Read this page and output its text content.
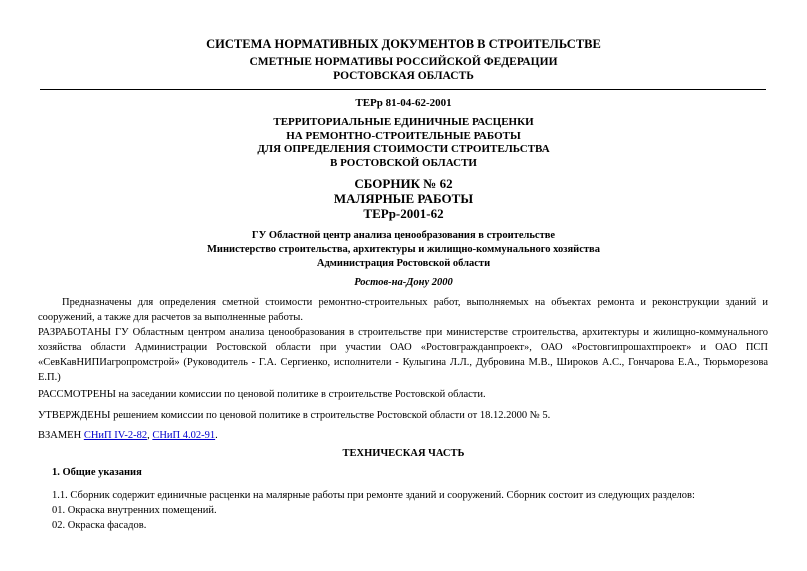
СИСТЕМА НОРМАТИВНЫХ ДОКУМЕНТОВ В СТРОИТЕЛЬСТВЕ
СМЕТНЫЕ НОРМАТИВЫ РОССИЙСКОЙ ФЕДЕРАЦИИ
РОСТОВСКАЯ ОБЛАСТЬ
ТЕРр 81-04-62-2001
ТЕРРИТОРИАЛЬНЫЕ ЕДИНИЧНЫЕ РАСЦЕНКИ
НА РЕМОНТНО-СТРОИТЕЛЬНЫЕ РАБОТЫ
ДЛЯ ОПРЕДЕЛЕНИЯ СТОИМОСТИ СТРОИТЕЛЬСТВА
В РОСТОВСКОЙ ОБЛАСТИ
СБОРНИК № 62
МАЛЯРНЫЕ РАБОТЫ
ТЕРр-2001-62
ГУ Областной центр анализа ценообразования в строительстве
Министерство строительства, архитектуры и жилищно-коммунального хозяйства
Администрация Ростовской области
Ростов-на-Дону 2000
Предназначены для определения сметной стоимости ремонтно-строительных работ, выполняемых на объектах ремонта и реконструкции зданий и сооружений, а также для расчетов за выполненные работы.
РАЗРАБОТАНЫ ГУ Областным центром анализа ценообразования в строительстве при министерстве строительства, архитектуры и жилищно-коммунального хозяйства области Администрации Ростовской области при участии ОАО «Ростовгражданпроект», ОАО «Ростовгипрошахтпроект» и ОАО ПСП «СевКавНИПИагропромстрой» (Руководитель - Г.А. Сергиенко, исполнители - Кулыгина Л.Л., Дубровина М.В., Широков А.С., Гончарова Е.А., Тюрьморезова Е.П.)
РАССМОТРЕНЫ на заседании комиссии по ценовой политике в строительстве Ростовской области.
УТВЕРЖДЕНЫ решением комиссии по ценовой политике в строительстве Ростовской области от 18.12.2000 № 5.
ВЗАМЕН СНиП IV-2-82, СНиП 4.02-91.
ТЕХНИЧЕСКАЯ ЧАСТЬ
1. Общие указания
1.1. Сборник содержит единичные расценки на малярные работы при ремонте зданий и сооружений. Сборник состоит из следующих разделов:
01. Окраска внутренних помещений.
02. Окраска фасадов.
